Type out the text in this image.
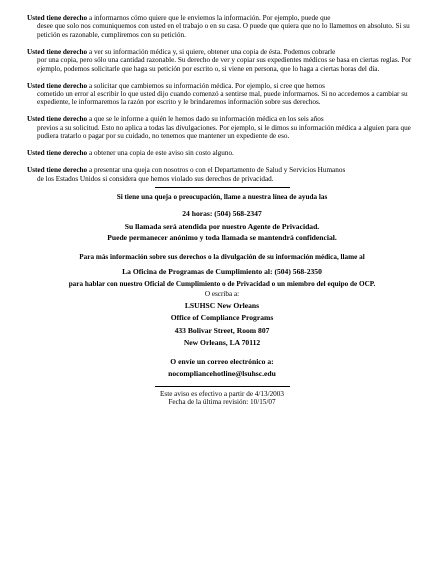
Usted tiene derecho a informarnos cómo quiere que le enviemos la información. Por ejemplo, puede que
desee que solo nos comuniquemos con usted en el trabajo o en su casa. O puede que quiera que no lo llamemos en absoluto. Si su petición es razonable, cumpliremos con su petición.
Usted tiene derecho a ver su información médica y, si quiere, obtener una copia de ésta. Podemos cobrarle
por una copia, pero sólo una cantidad razonable. Su derecho de ver y copiar sus expedientes médicos se basa en ciertas reglas. Por ejemplo, podemos solicitarle que haga su petición por escrito o, si viene en persona, que lo haga a ciertas horas del día.
Usted tiene derecho a solicitar que cambiemos su información médica. Por ejemplo, si cree que hemos
cometido un error al escribir lo que usted dijo cuando comenzó a sentirse mal, puede informarnos. Si no accedemos a cambiar su expediente, le informaremos la razón por escrito y le brindaremos información sobre sus derechos.
Usted tiene derecho a que se le informe a quién le hemos dado su información médica en los seis años
previos a su solicitud. Esto no aplica a todas las divulgaciones. Por ejemplo, si le dimos su información médica a alguien para que pudiera tratarlo o pagar por su cuidado, no tenemos que mantener un expediente de eso.
Usted tiene derecho a obtener una copia de este aviso sin costo alguno.
Usted tiene derecho a presentar una queja con nosotros o con el Departamento de Salud y Servicios Humanos
de los Estados Unidos si considera que hemos violado sus derechos de privacidad.
Si tiene una queja o preocupación, llame a nuestra línea de ayuda las
24 horas: (504) 568-2347
Su llamada será atendida por nuestro Agente de Privacidad.
Puede permanecer anónimo y toda llamada se mantendrá confidencial.
Para más información sobre sus derechos o la divulgación de su información médica, llame al
La Oficina de Programas de Cumplimiento al: (504) 568-2350
para hablar con nuestro Oficial de Cumplimiento o de Privacidad o un miembro del equipo de OCP.
O escriba a:
LSUHSC New Orleans
Office of Compliance Programs
433 Bolivar Street, Room 807
New Orleans, LA 70112
O envíe un correo electrónico a:
nocompliancehotline@lsuhsc.edu
Este aviso es efectivo a partir de 4/13/2003
Fecha de la última revisión: 10/15/07
